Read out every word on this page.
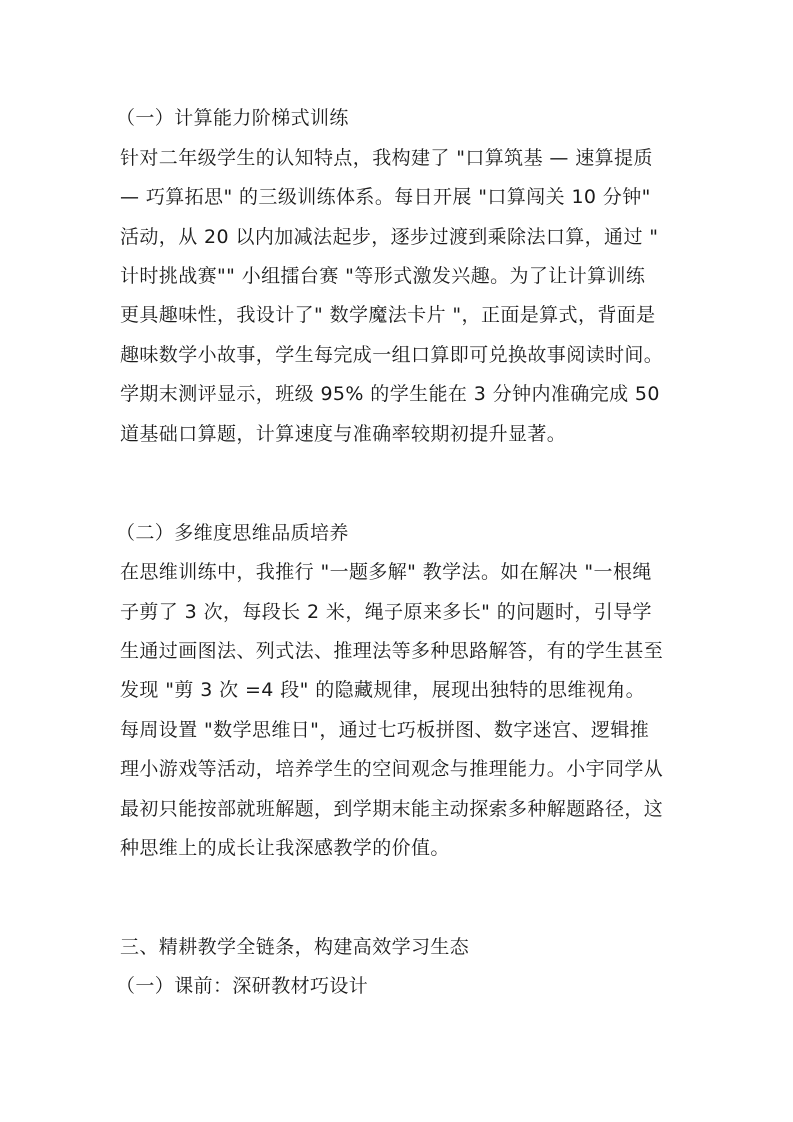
（一）计算能力阶梯式训练
针对二年级学生的认知特点，我构建了 "口算筑基 — 速算提质
— 巧算拓思" 的三级训练体系。每日开展 "口算闯关 10 分钟"
活动，从 20 以内加减法起步，逐步过渡到乘除法口算，通过 "
计时挑战赛"" 小组擂台赛 "等形式激发兴趣。为了让计算训练
更具趣味性，我设计了" 数学魔法卡片 "，正面是算式，背面是
趣味数学小故事，学生每完成一组口算即可兑换故事阅读时间。
学期末测评显示，班级 95% 的学生能在 3 分钟内准确完成 50
道基础口算题，计算速度与准确率较期初提升显著。
（二）多维度思维品质培养
在思维训练中，我推行 "一题多解" 教学法。如在解决 "一根绳
子剪了 3 次，每段长 2 米，绳子原来多长" 的问题时，引导学
生通过画图法、列式法、推理法等多种思路解答，有的学生甚至
发现 "剪 3 次 =4 段" 的隐藏规律，展现出独特的思维视角。
每周设置 "数学思维日"，通过七巧板拼图、数字迷宫、逻辑推
理小游戏等活动，培养学生的空间观念与推理能力。小宇同学从
最初只能按部就班解题，到学期末能主动探索多种解题路径，这
种思维上的成长让我深感教学的价值。
三、精耕教学全链条，构建高效学习生态
（一）课前：深研教材巧设计
